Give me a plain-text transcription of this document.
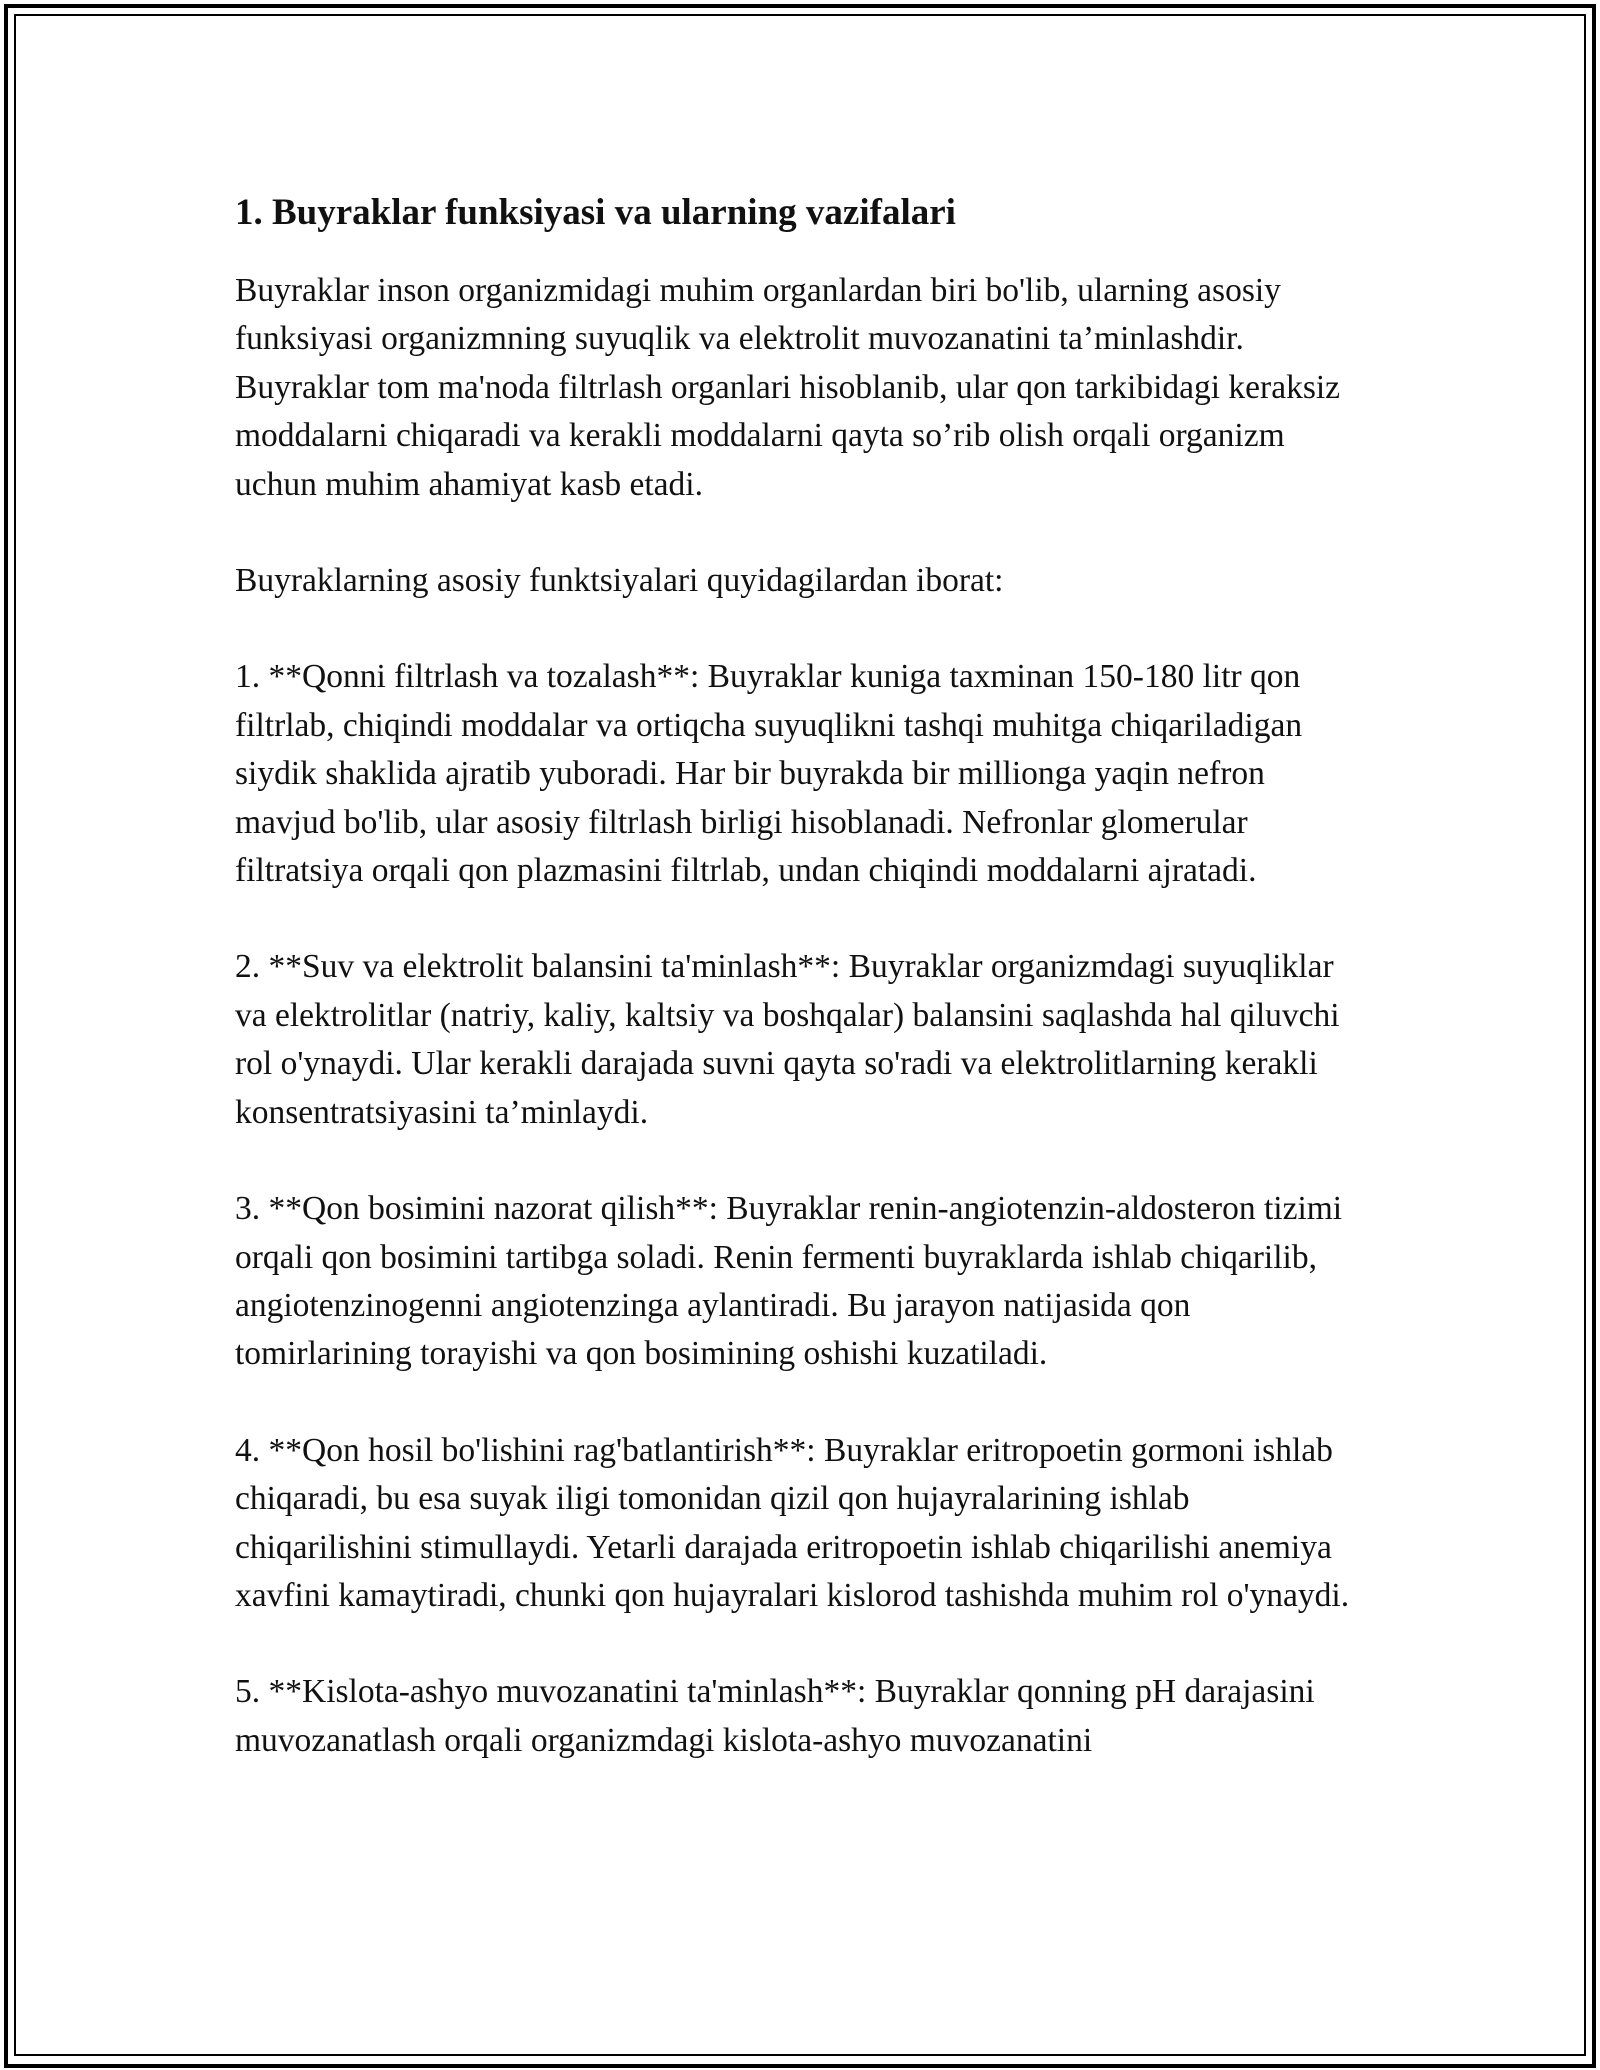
1. Buyraklar funksiyasi va ularning vazifalari

Buyraklar inson organizmidagi muhim organlardan biri bo'lib, ularning asosiy funksiyasi organizmning suyuqlik va elektrolit muvozanatini ta’minlashdir. Buyraklar tom ma'noda filtrlash organlari hisoblanib, ular qon tarkibidagi keraksiz moddalarni chiqaradi va kerakli moddalarni qayta so’rib olish orqali organizm uchun muhim ahamiyat kasb etadi.

Buyraklarning asosiy funktsiyalari quyidagilardan iborat:

1. **Qonni filtrlash va tozalash**: Buyraklar kuniga taxminan 150-180 litr qon filtrlab, chiqindi moddalar va ortiqcha suyuqlikni tashqi muhitga chiqariladigan siydik shaklida ajratib yuboradi. Har bir buyrakda bir millionga yaqin nefron mavjud bo'lib, ular asosiy filtrlash birligi hisoblanadi. Nefronlar glomerular filtratsiya orqali qon plazmasini filtrlab, undan chiqindi moddalarni ajratadi.

2. **Suv va elektrolit balansini ta'minlash**: Buyraklar organizmdagi suyuqliklar va elektrolitlar (natriy, kaliy, kaltsiy va boshqalar) balansini saqlashda hal qiluvchi rol o'ynaydi. Ular kerakli darajada suvni qayta so'radi va elektrolitlarning kerakli konsentratsiyasini ta’minlaydi.

3. **Qon bosimini nazorat qilish**: Buyraklar renin-angiotenzin-aldosteron tizimi orqali qon bosimini tartibga soladi. Renin fermenti buyraklarda ishlab chiqarilib, angiotenzinogenni angiotenzinga aylantiradi. Bu jarayon natijasida qon tomirlarining torayishi va qon bosimining oshishi kuzatiladi.

4. **Qon hosil bo'lishini rag'batlantirish**: Buyraklar eritropoetin gormoni ishlab chiqaradi, bu esa suyak iligi tomonidan qizil qon hujayralarining ishlab chiqarilishini stimullaydi. Yetarli darajada eritropoetin ishlab chiqarilishi anemiya xavfini kamaytiradi, chunki qon hujayralari kislorod tashishda muhim rol o'ynaydi.

5. **Kislota-ashyo muvozanatini ta'minlash**: Buyraklar qonning pH darajasini muvozanatlash orqali organizmdagi kislota-ashyo muvozanatini
